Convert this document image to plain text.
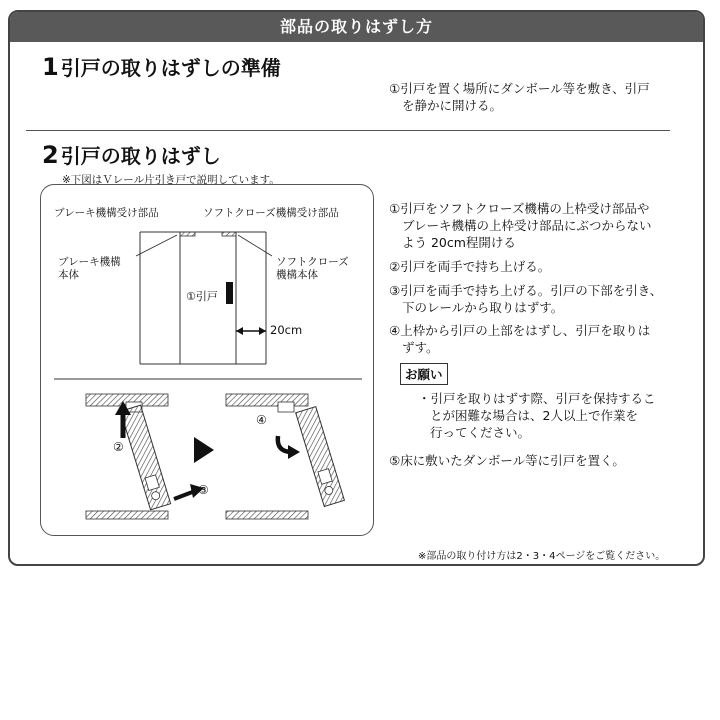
部品の取りはずし方
1 引戸の取りはずしの準備
①引戸を置く場所にダンボール等を敷き、引戸
を静かに開ける。
2 引戸の取りはずし
※下図はＶレール片引き戸で説明しています。
①引戸をソフトクローズ機構の上枠受け部品や
ブレーキ機構の上枠受け部品にぶつからない
よう 20cm程開ける
②引戸を両手で持ち上げる。
③引戸を両手で持ち上げる。引戸の下部を引き、
下のレールから取りはずす。
④上枠から引戸の上部をはずし、引戸を取りは
ずす。
お願い
・引戸を取りはずす際、引戸を保持するこ
とが困難な場合は、2人以上で作業を
行ってください。
⑤床に敷いたダンボール等に引戸を置く。
ブレーキ機構受け部品	ソフトクローズ機構受け部品
ブレーキ機構
本体
ソフトクローズ
機構本体
①引戸
20cm
②
③
④
※部品の取り付け方は2・3・4ページをご覧ください。
